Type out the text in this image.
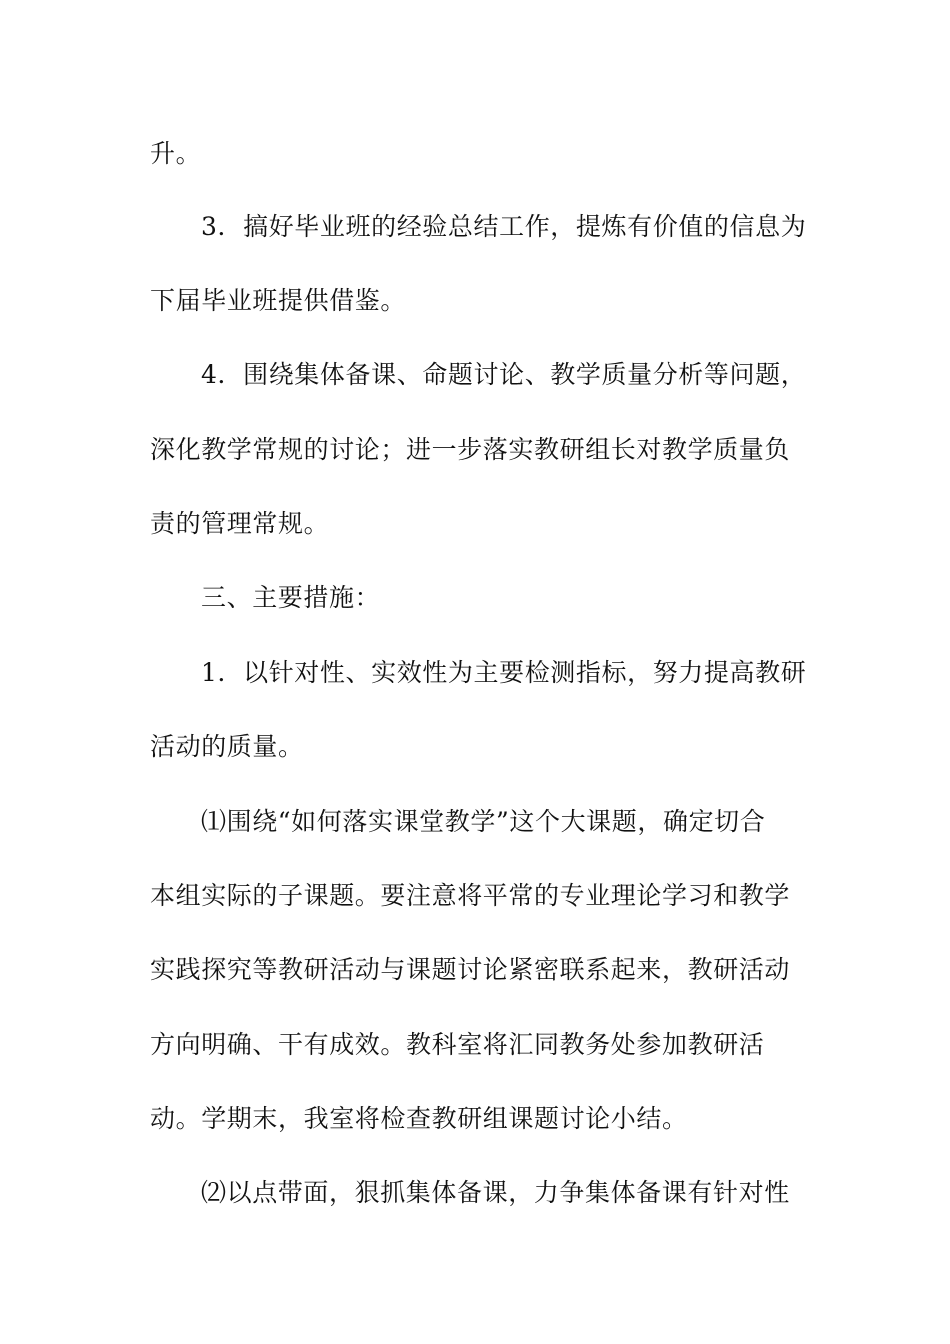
升。

3．搞好毕业班的经验总结工作，提炼有价值的信息为

下届毕业班提供借鉴。

4．围绕集体备课、命题讨论、教学质量分析等问题，

深化教学常规的讨论；进一步落实教研组长对教学质量负

责的管理常规。

三、主要措施：

1．以针对性、实效性为主要检测指标，努力提高教研

活动的质量。

⑴围绕“如何落实课堂教学”这个大课题，确定切合

本组实际的子课题。要注意将平常的专业理论学习和教学

实践探究等教研活动与课题讨论紧密联系起来，教研活动

方向明确、干有成效。教科室将汇同教务处参加教研活

动。学期末，我室将检查教研组课题讨论小结。

⑵以点带面，狠抓集体备课，力争集体备课有针对性
